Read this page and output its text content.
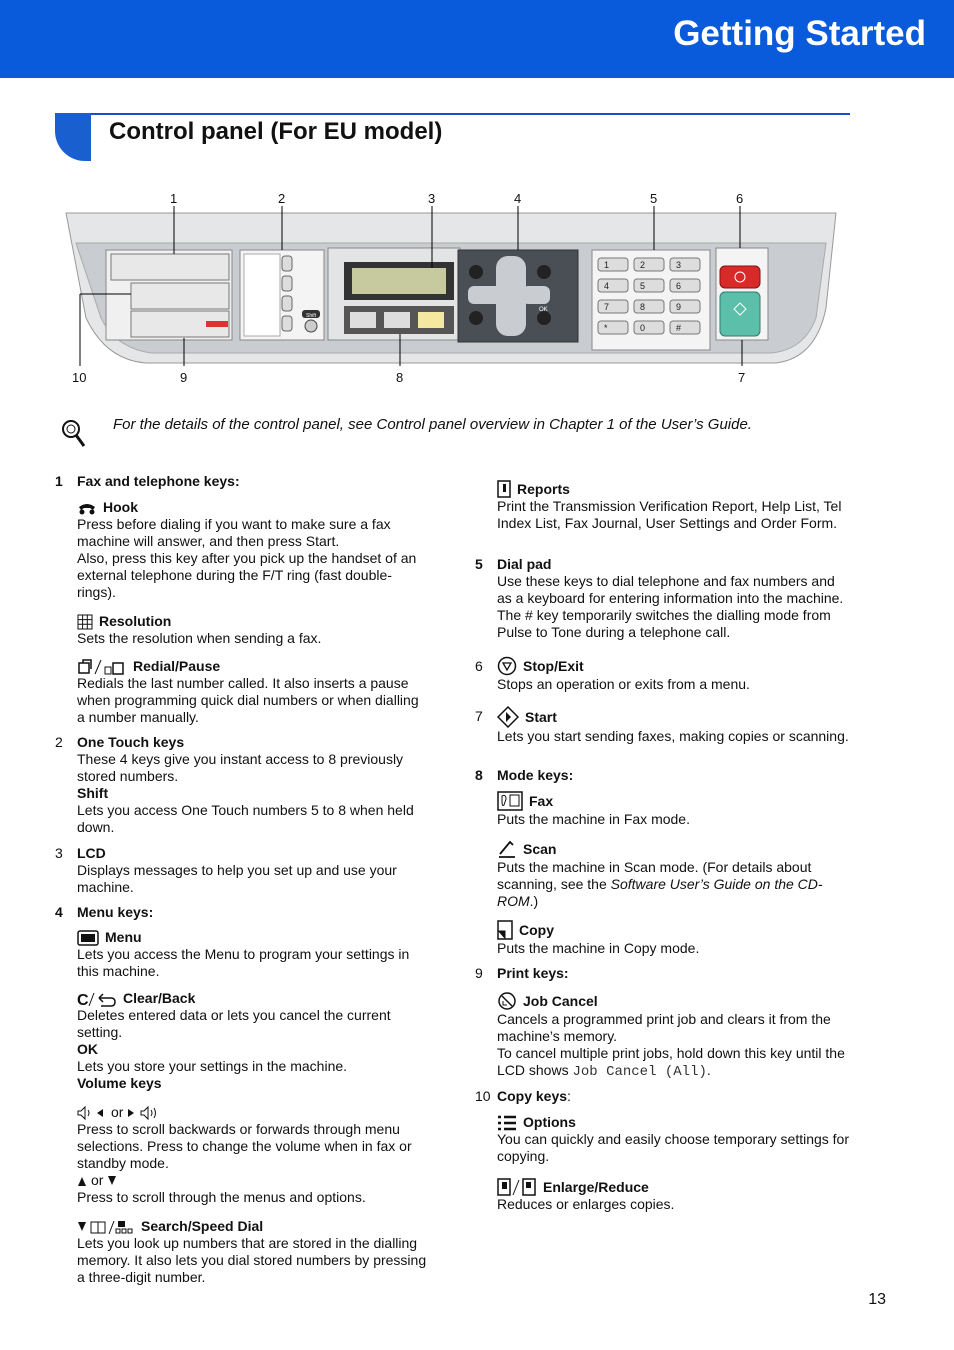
Getting Started
Control panel (For EU model)
Shift
OK
1	2	3
4	5	6
7	8	9
*	0	#
1	2	3	4	5	6
10	9	8	7
For the details of the control panel, see Control panel overview in Chapter 1 of the User’s Guide.
1 Fax and telephone keys:
Hook

Press before dialing if you want to make sure a fax machine will answer, and then press Start.

Also, press this key after you pick up the handset of an external telephone during the F/T ring (fast double-rings).

Resolution

Sets the resolution when sending a fax.

Redial/Pause

Redials the last number called. It also inserts a pause when programming quick dial numbers or when dialling a number manually.

2 One Touch keys

These 4 keys give you instant access to 8 previously stored numbers.

Shift

Lets you access One Touch numbers 5 to 8 when held down.

3 LCD

Displays messages to help you set up and use your machine.

4 Menu keys:
Menu

Lets you access the Menu to program your settings in this machine.

C Clear/Back

Deletes entered data or lets you cancel the current setting.

OK

Lets you store your settings in the machine.

Volume keys

or

Press to scroll backwards or forwards through menu selections. Press to change the volume when in fax or standby mode.

or

Press to scroll through the menus and options.

Search/Speed Dial

Lets you look up numbers that are stored in the dialling memory. It also lets you dial stored numbers by pressing a three-digit number.

Reports

Print the Transmission Verification Report, Help List, Tel Index List, Fax Journal, User Settings and Order Form.

5 Dial pad

Use these keys to dial telephone and fax numbers and as a keyboard for entering information into the machine.

The # key temporarily switches the dialling mode from Pulse to Tone during a telephone call.

6	Stop/Exit

Stops an operation or exits from a menu.

7	Start

Lets you start sending faxes, making copies or scanning.

8 Mode keys:
Fax

Puts the machine in Fax mode.

Scan

Puts the machine in Scan mode. (For details about scanning, see the Software User’s Guide on the CD-ROM.)

Copy

Puts the machine in Copy mode.

9 Print keys:
Job Cancel

Cancels a programmed print job and clears it from the machine’s memory.

To cancel multiple print jobs, hold down this key until the LCD shows Job Cancel (All).

10 Copy keys:
Options

You can quickly and easily choose temporary settings for copying.

Enlarge/Reduce

Reduces or enlarges copies.

13
